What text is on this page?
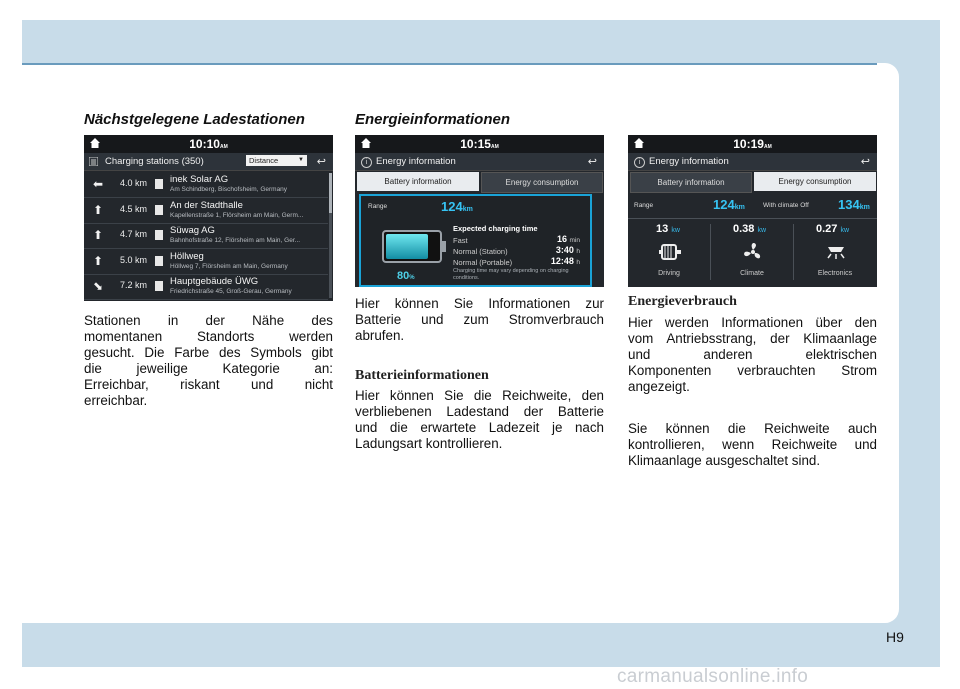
Nächstgelegene Ladestationen
10:10AM
Charging stations (350)	Distance	▼ ↩
⬅ 4.0 km inek Solar AG
Am Schindberg, Bischofsheim, Germany
⬆ 4.5 km An der Stadthalle
Kapellenstraße 1, Flörsheim am Main, Germ...
⬆ 4.7 km Süwag AG
Bahnhofstraße 12, Flörsheim am Main, Ger...
⬆ 5.0 km Höllweg
Höllweg 7, Flörsheim am Main, Germany
⬊ 7.2 km Hauptgebäude ÜWG
Friedrichstraße 45, Groß-Gerau, Germany
Stationen in der Nähe des
momentanen Standorts werden
gesucht. Die Farbe des Symbols gibt
die jeweilige Kategorie an:
Erreichbar, riskant und nicht
erreichbar.
Energieinformationen
10:15AM
i Energy information	↩
Battery information	Energy consumption
Range	124km
80%
Expected charging time
Fast	16 min
Normal (Station)	3:40 h
Normal (Portable)	12:48 h
Charging time may vary depending on charging conditions.
Hier können Sie Informationen zur
Batterie und zum Stromverbrauch
abrufen.
Batterieinformationen
Hier können Sie die Reichweite, den
verbliebenen Ladestand der Batterie
und die erwartete Ladezeit je nach
Ladungsart kontrollieren.
10:19AM
i Energy information	↩
Battery information	Energy consumption
Range	124km	With climate Off 134km
13 kw
Driving
0.38 kw
Climate
0.27 kw
Electronics
Energieverbrauch
Hier werden Informationen über den
vom Antriebsstrang, der Klimaanlage
und anderen elektrischen
Komponenten verbrauchten Strom
angezeigt.
Sie können die Reichweite auch
kontrollieren, wenn Reichweite und
Klimaanlage ausgeschaltet sind.
H9
carmanualsonline.info
